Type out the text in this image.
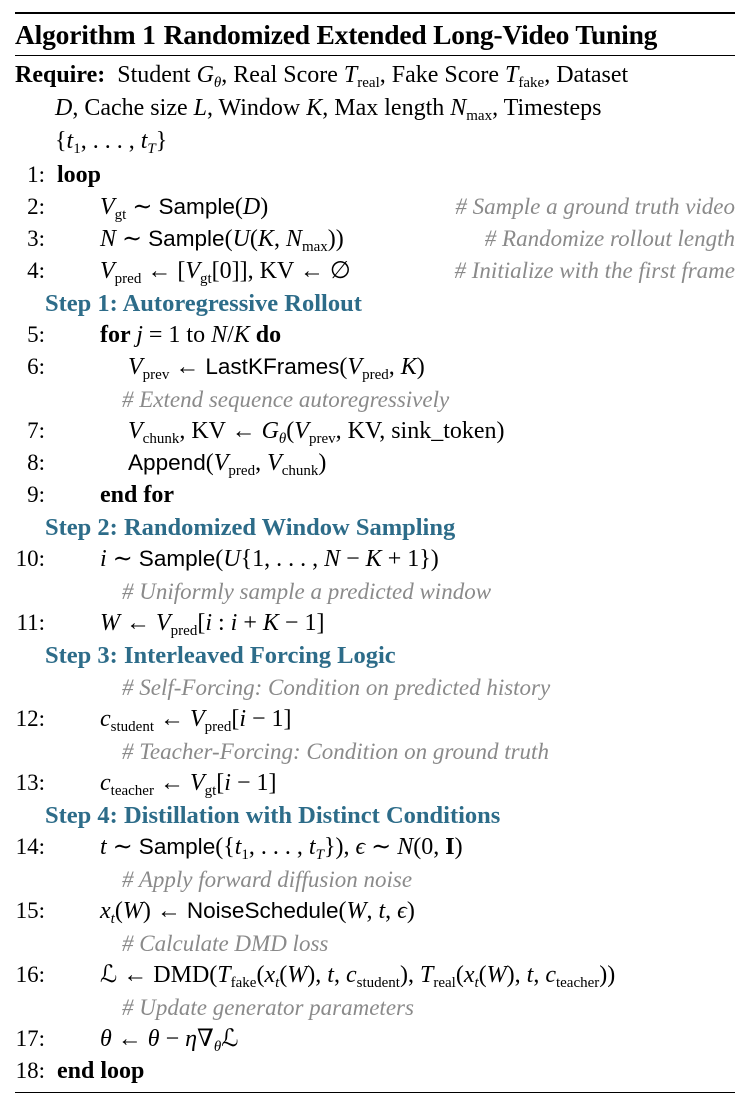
Algorithm 1 Randomized Extended Long-Video Tuning
Require:  Student $G_\theta$, Real Score $T_{real}$, Fake Score $T_{fake}$, Dataset
D, Cache size L, Window K, Max length $N_{max}$, Timesteps
{$t_1$, . . . , $t_T$}
1: loop
2:	$V_{gt}$ ∼ Sample(D)	# Sample a ground truth video
3:	N ∼ Sample(U(K, $N_{max}$))	# Randomize rollout length
4:	$V_{pred}$ ← $[V_{gt}[0]]$, KV ← ∅	# Initialize with the first frame
Step 1: Autoregressive Rollout
5:	for j = 1 to N/K do
6:	$V_{prev}$ ← $LastKFrames(V_{pred}$, K)
# Extend sequence autoregressively
7:	$V_{chunk}$, KV ← $G_\theta(V_{prev}$, KV, sink_token)
8:	$Append(V_{pred}$, $V_{chunk}$)
9:	end for
Step 2: Randomized Window Sampling
10:	i ∼ Sample(U{1, . . . , N − K + 1})
# Uniformly sample a predicted window
11:	W ← $V_{pred}[i$ : i + K − 1]
Step 3: Interleaved Forcing Logic
# Self-Forcing: Condition on predicted history
12:	$c_{student}$ ← $V_{pred}[i - 1]$
# Teacher-Forcing: Condition on ground truth
13:	$c_{teacher}$ ← $V_{gt}[i - 1]$
Step 4: Distillation with Distinct Conditions
14:	t ∼ $Sample(\{t_1$, . . . , $t_T$}), ϵ ∼ N(0, I)
# Apply forward diffusion noise
15:	$x_t(W)$ ← NoiseSchedule(W, t, ϵ)
# Calculate DMD loss
16:	ℒ ← $DMD(T_{fake}(x_t(W)$, t, $c_{student}$), $T_{real}(x_t(W)$, t, $c_{teacher}$))
# Update generator parameters
17:	θ ← $\theta - \eta\nabla_\theta ℒ$
18: end loop
